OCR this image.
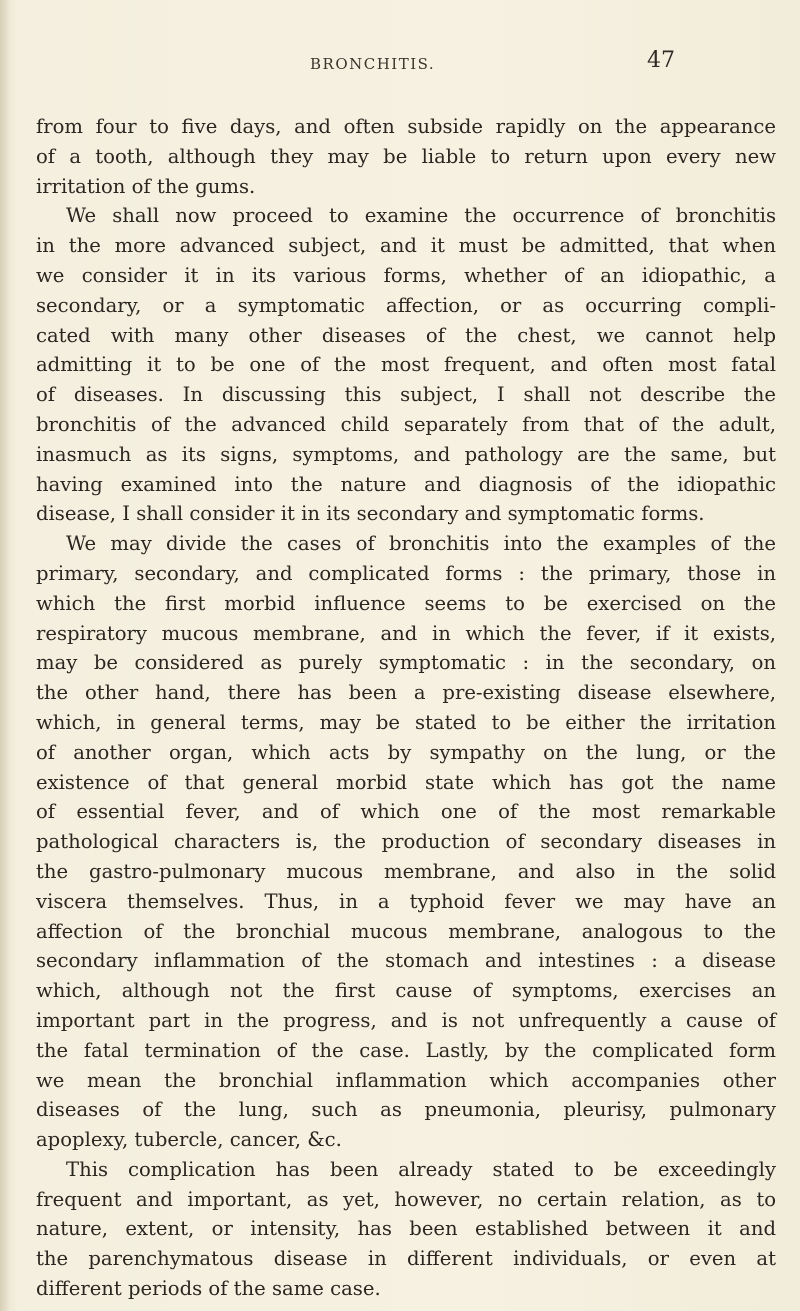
BRONCHITIS.	47
from four to five days, and often subside rapidly on the appearance
of a tooth, although they may be liable to return upon every new
irritation of the gums.
We shall now proceed to examine the occurrence of bronchitis
in the more advanced subject, and it must be admitted, that when
we consider it in its various forms, whether of an idiopathic, a
secondary, or a symptomatic affection, or as occurring compli-
cated with many other diseases of the chest, we cannot help
admitting it to be one of the most frequent, and often most fatal
of diseases. In discussing this subject, I shall not describe the
bronchitis of the advanced child separately from that of the adult,
inasmuch as its signs, symptoms, and pathology are the same, but
having examined into the nature and diagnosis of the idiopathic
disease, I shall consider it in its secondary and symptomatic forms.
We may divide the cases of bronchitis into the examples of the
primary, secondary, and complicated forms : the primary, those in
which the first morbid influence seems to be exercised on the
respiratory mucous membrane, and in which the fever, if it exists,
may be considered as purely symptomatic : in the secondary, on
the other hand, there has been a pre-existing disease elsewhere,
which, in general terms, may be stated to be either the irritation
of another organ, which acts by sympathy on the lung, or the
existence of that general morbid state which has got the name
of essential fever, and of which one of the most remarkable
pathological characters is, the production of secondary diseases in
the gastro-pulmonary mucous membrane, and also in the solid
viscera themselves. Thus, in a typhoid fever we may have an
affection of the bronchial mucous membrane, analogous to the
secondary inflammation of the stomach and intestines : a disease
which, although not the first cause of symptoms, exercises an
important part in the progress, and is not unfrequently a cause of
the fatal termination of the case. Lastly, by the complicated form
we mean the bronchial inflammation which accompanies other
diseases of the lung, such as pneumonia, pleurisy, pulmonary
apoplexy, tubercle, cancer, &c.
This complication has been already stated to be exceedingly
frequent and important, as yet, however, no certain relation, as to
nature, extent, or intensity, has been established between it and
the parenchymatous disease in different individuals, or even at
different periods of the same case.
